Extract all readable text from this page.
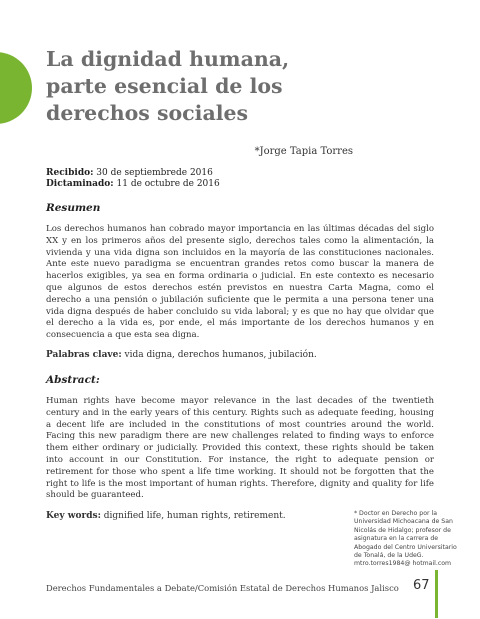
La dignidad humana, parte esencial de los derechos sociales
*Jorge Tapia Torres
Recibido: 30 de septiembrede 2016
Dictaminado: 11 de octubre de 2016
Resumen

Los derechos humanos han cobrado mayor importancia en las últimas décadas del siglo XX y en los primeros años del presente siglo, derechos tales como la alimentación, la vivienda y una vida digna son incluidos en la mayoría de las constituciones nacionales. Ante este nuevo paradigma se encuentran grandes retos como buscar la manera de hacerlos exigibles, ya sea en forma ordinaria o judicial. En este contexto es necesario que algunos de estos derechos estén previstos en nuestra Carta Magna, como el derecho a una pensión o jubilación suficiente que le permita a una persona tener una vida digna después de haber concluido su vida laboral; y es que no hay que olvidar que el derecho a la vida es, por ende, el más importante de los derechos humanos y en consecuencia a que esta sea digna.

Palabras clave: vida digna, derechos humanos, jubilación.
Abstract:

Human rights have become mayor relevance in the last decades of the twentieth century and in the early years of this century. Rights such as adequate feeding, housing a decent life are included in the constitutions of most countries around the world. Facing this new paradigm there are new challenges related to finding ways to enforce them either ordinary or judicially. Provided this context, these rights should be taken into account in our Constitution. For instance, the right to adequate pension or retirement for those who spent a life time working. It should not be forgotten that the right to life is the most important of human rights. Therefore, dignity and quality for life should be guaranteed.

Key words: dignified life, human rights, retirement.	* Doctor en Derecho por la Universidad Michoacana de San Nicolás de Hidalgo; profesor de asignatura en la carrera de Abogado del Centro Universitario de Tonalá, de la UdeG. mtro.torres1984@ hotmail.com
Derechos Fundamentales a Debate/Comisión Estatal de Derechos Humanos Jalisco 67
